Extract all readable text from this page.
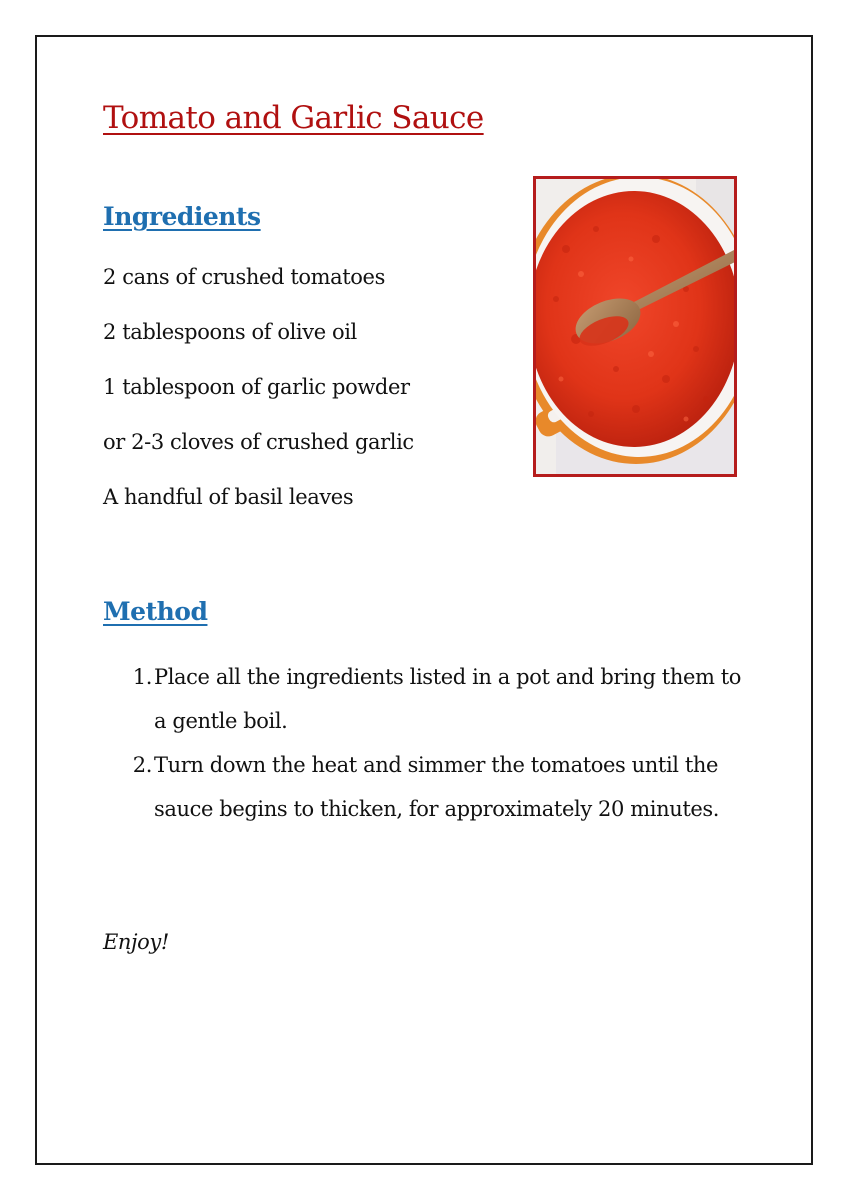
Tomato and Garlic Sauce
Ingredients
2 cans of crushed tomatoes
2 tablespoons of olive oil
1 tablespoon of garlic powder
or 2-3 cloves of crushed garlic
A handful of basil leaves
Method
1. Place all the ingredients listed in a pot and bring them to a gentle boil.
2. Turn down the heat and simmer the tomatoes until the sauce begins to thicken, for approximately 20 minutes.

Enjoy!
